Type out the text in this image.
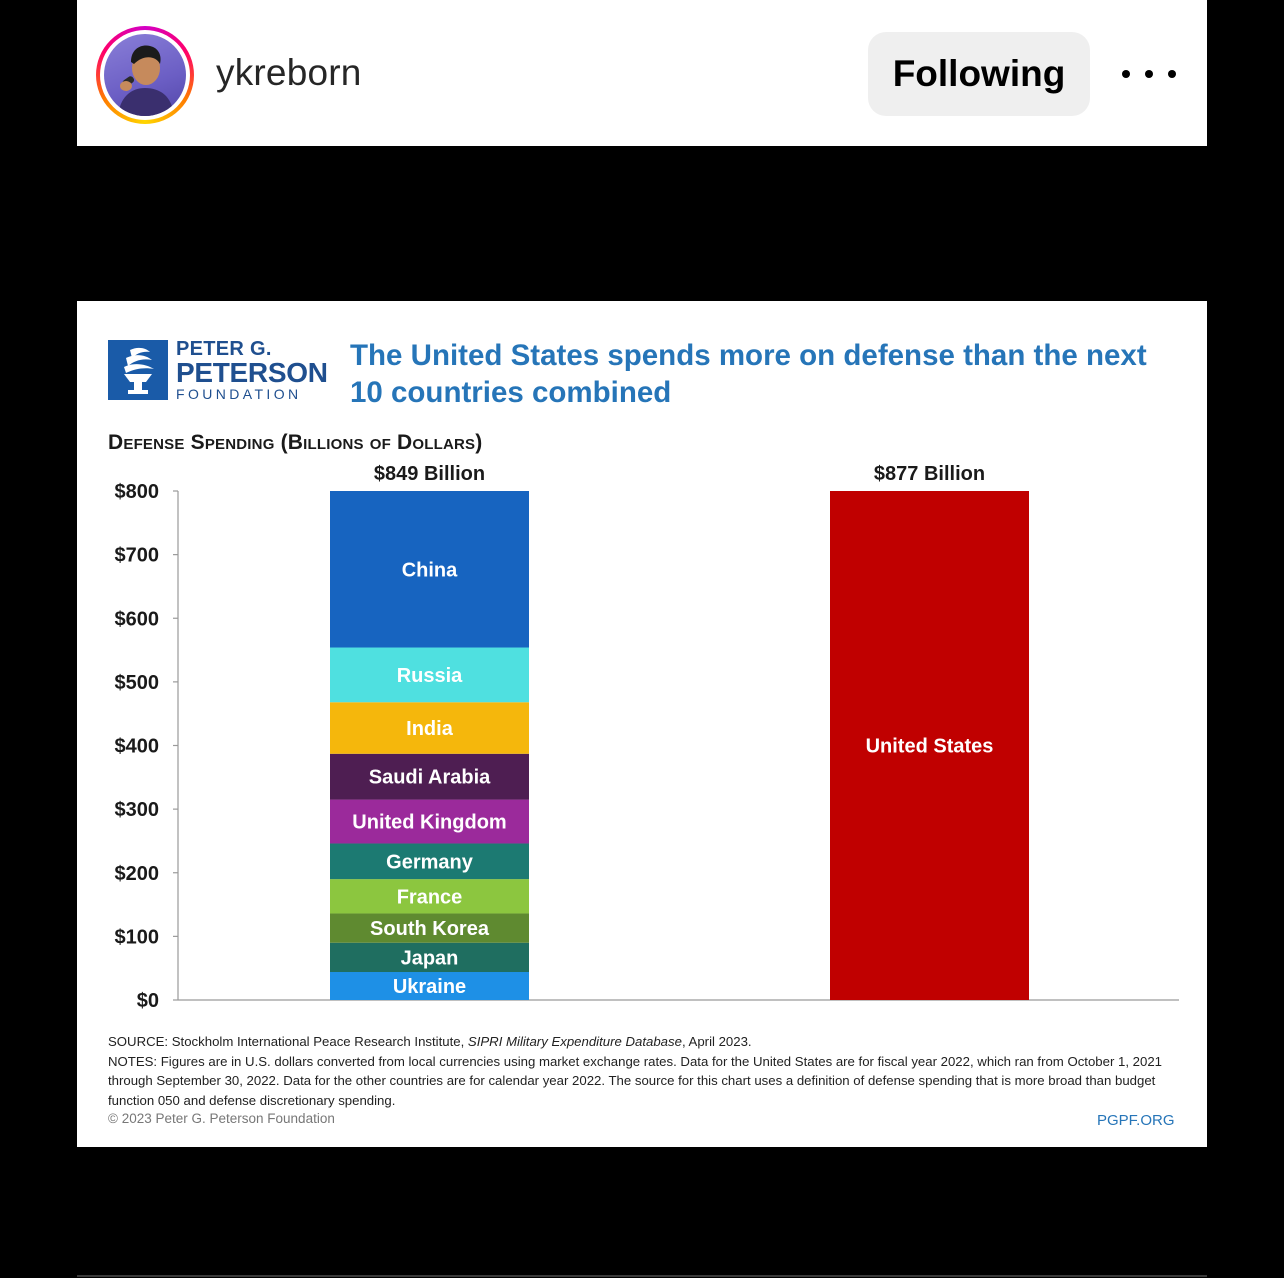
ykreborn	Following
PETER G.
PETERSON
FOUNDATION
The United States spends more on defense than the next 10 countries combined
Defense Spending (Billions of Dollars)
$0
$100
$200
$300
$400
$500
$600
$700
$800
Ukraine
Japan
South Korea
France
Germany
United Kingdom
Saudi Arabia
India
Russia
China
$849 Billion
United States
$877 Billion

SOURCE: Stockholm International Peace Research Institute, SIPRI Military Expenditure Database, April 2023.

NOTES: Figures are in U.S. dollars converted from local currencies using market exchange rates. Data for the United States are for fiscal year 2022, which ran from October 1, 2021 through September 30, 2022. Data for the other countries are for calendar year 2022. The source for this chart uses a definition of defense spending that is more broad than budget function 050 and defense discretionary spending.

© 2023 Peter G. Peterson Foundation	PGPF.ORG
